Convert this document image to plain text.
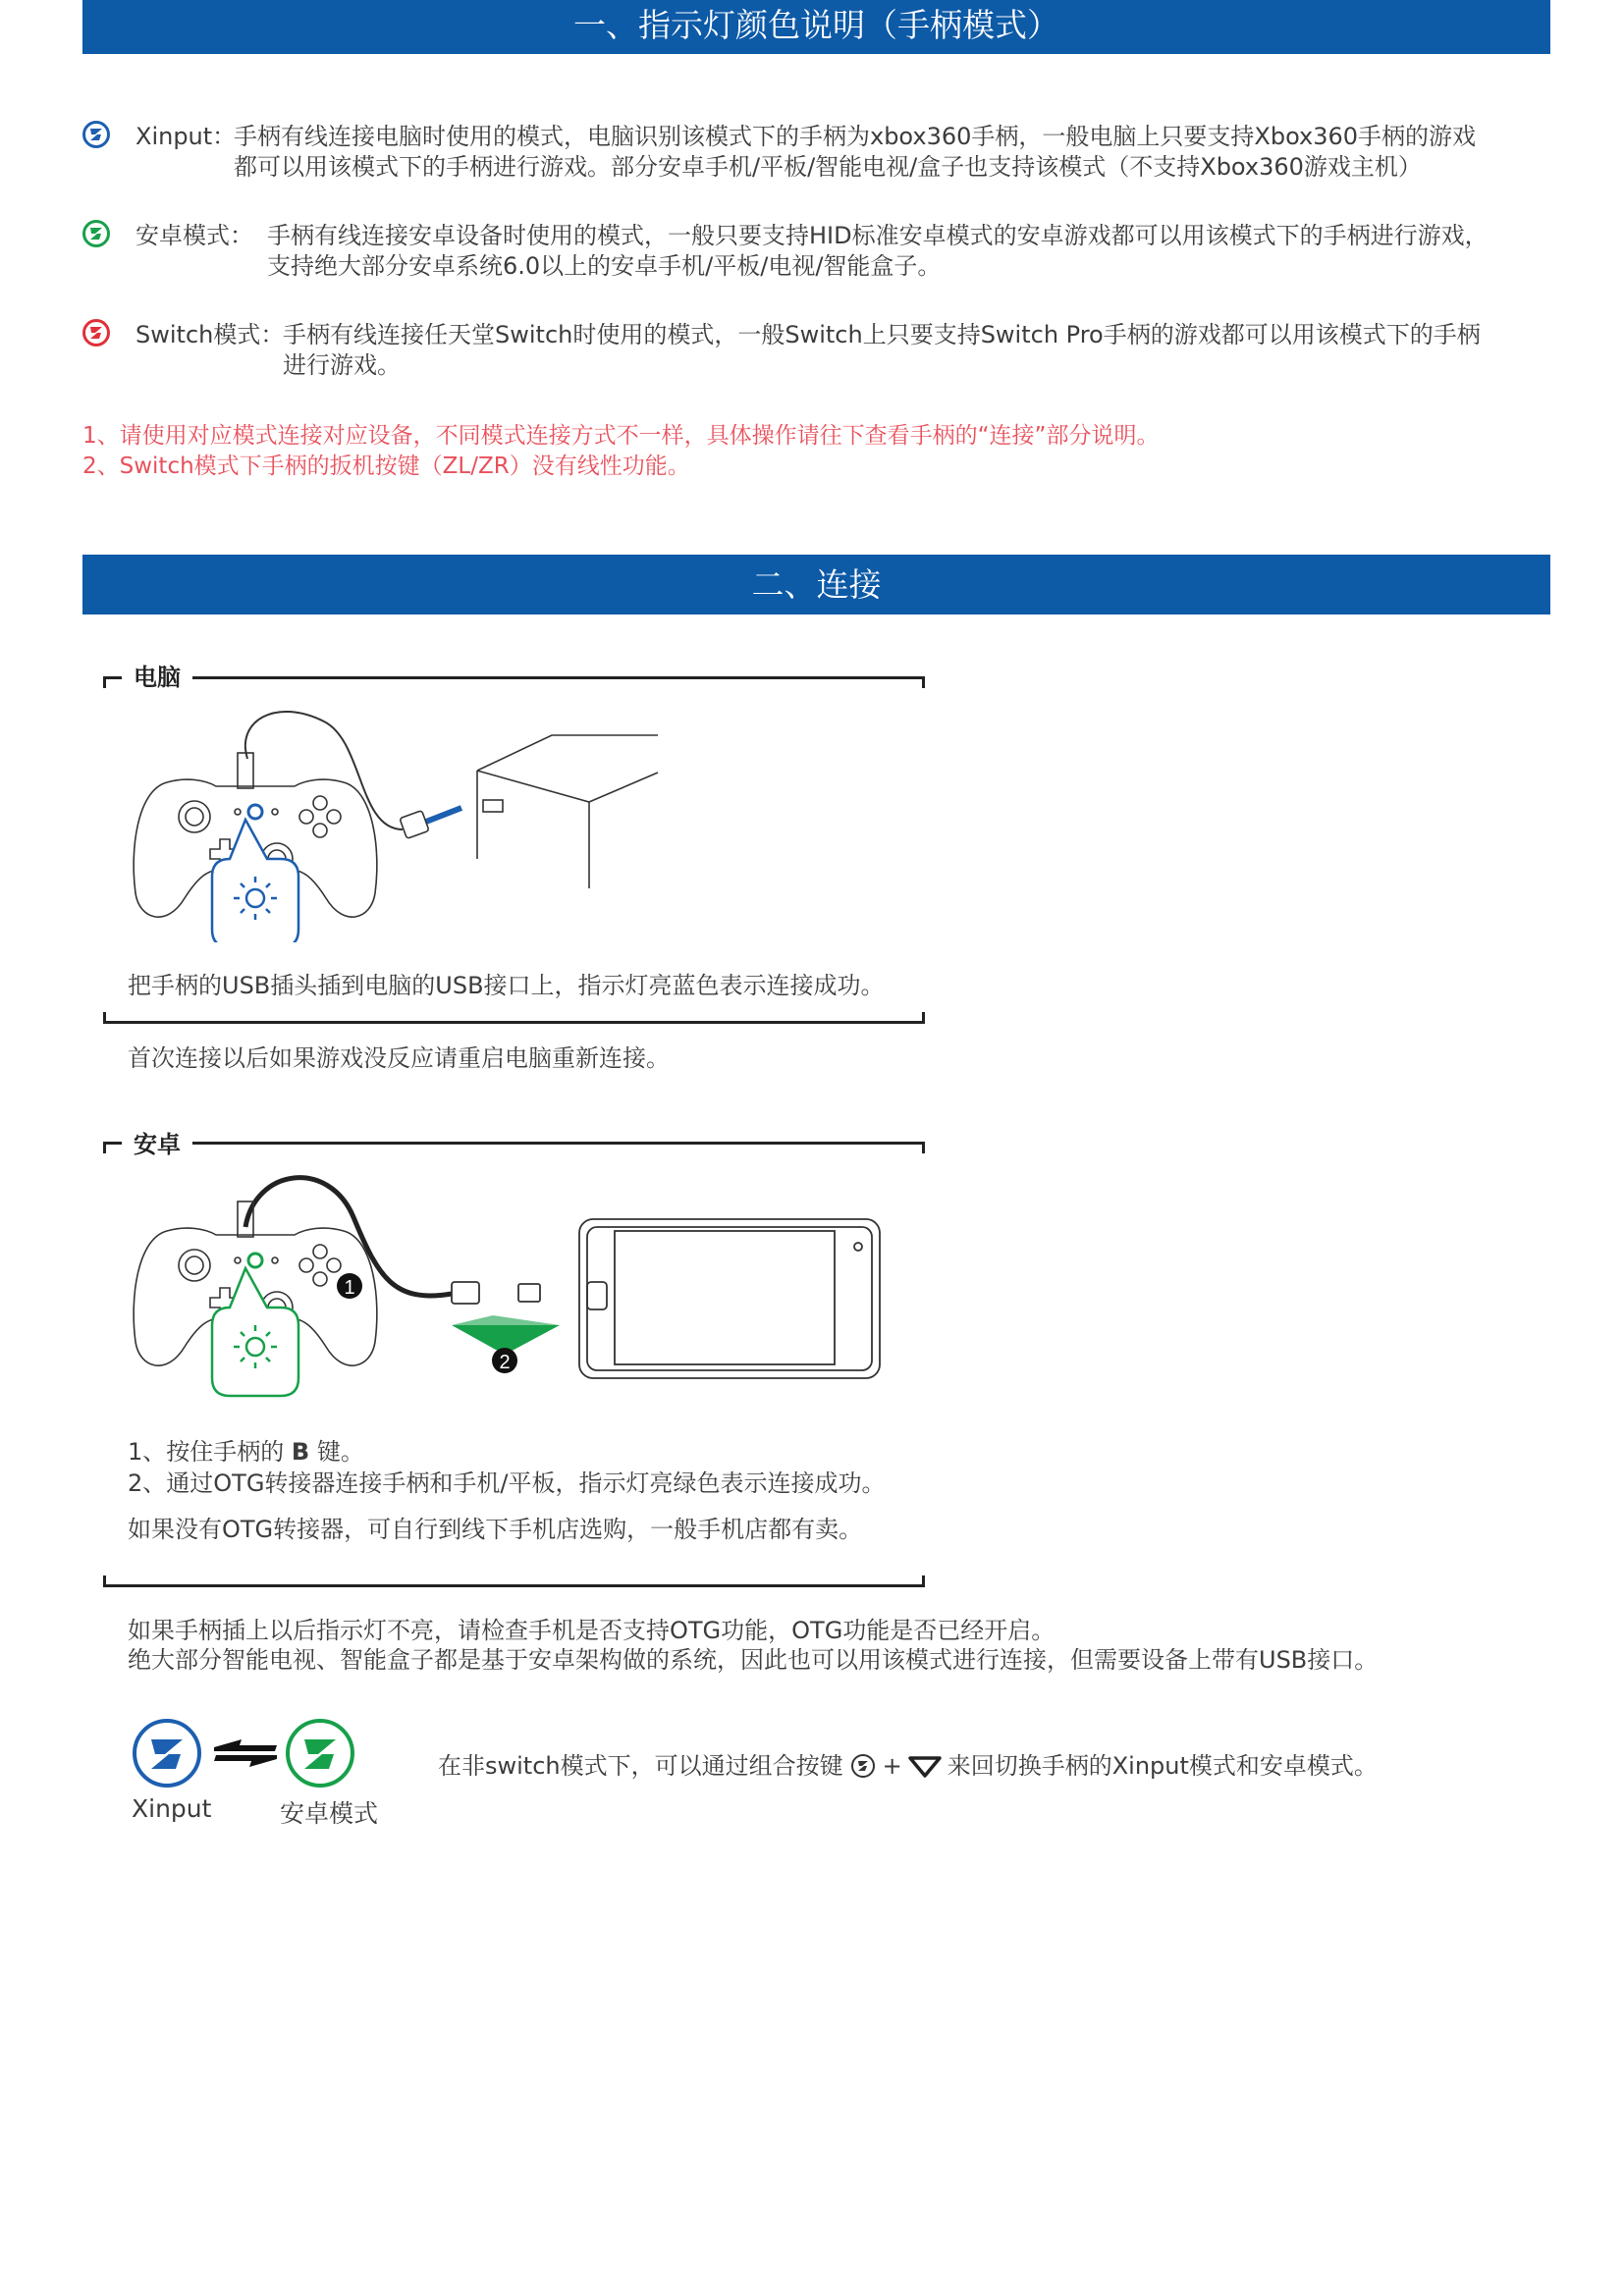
一、指示灯颜色说明（手柄模式）
Xinput：
手柄有线连接电脑时使用的模式，电脑识别该模式下的手柄为xbox360手柄，一般电脑上只要支持Xbox360手柄的游戏
都可以用该模式下的手柄进行游戏。部分安卓手机/平板/智能电视/盒子也支持该模式（不支持Xbox360游戏主机）
安卓模式： 手柄有线连接安卓设备时使用的模式，一般只要支持HID标准安卓模式的安卓游戏都可以用该模式下的手柄进行游戏，
支持绝大部分安卓系统6.0以上的安卓手机/平板/电视/智能盒子。
Switch模式：
手柄有线连接任天堂Switch时使用的模式，一般Switch上只要支持Switch Pro手柄的游戏都可以用该模式下的手柄
进行游戏。
1、请使用对应模式连接对应设备，不同模式连接方式不一样，具体操作请往下查看手柄的“连接”部分说明。
2、Switch模式下手柄的扳机按键（ZL/ZR）没有线性功能。
二、连接
电脑
把手柄的USB插头插到电脑的USB接口上，指示灯亮蓝色表示连接成功。
首次连接以后如果游戏没反应请重启电脑重新连接。
安卓
1
2
1、按住手柄的 B 键。
2、通过OTG转接器连接手柄和手机/平板，指示灯亮绿色表示连接成功。
如果没有OTG转接器，可自行到线下手机店选购，一般手机店都有卖。
如果手柄插上以后指示灯不亮，请检查手机是否支持OTG功能，OTG功能是否已经开启。
绝大部分智能电视、智能盒子都是基于安卓架构做的系统，因此也可以用该模式进行连接，但需要设备上带有USB接口。
Xinput	安卓模式
在非switch模式下，可以通过组合按键 + 来回切换手柄的Xinput模式和安卓模式。
